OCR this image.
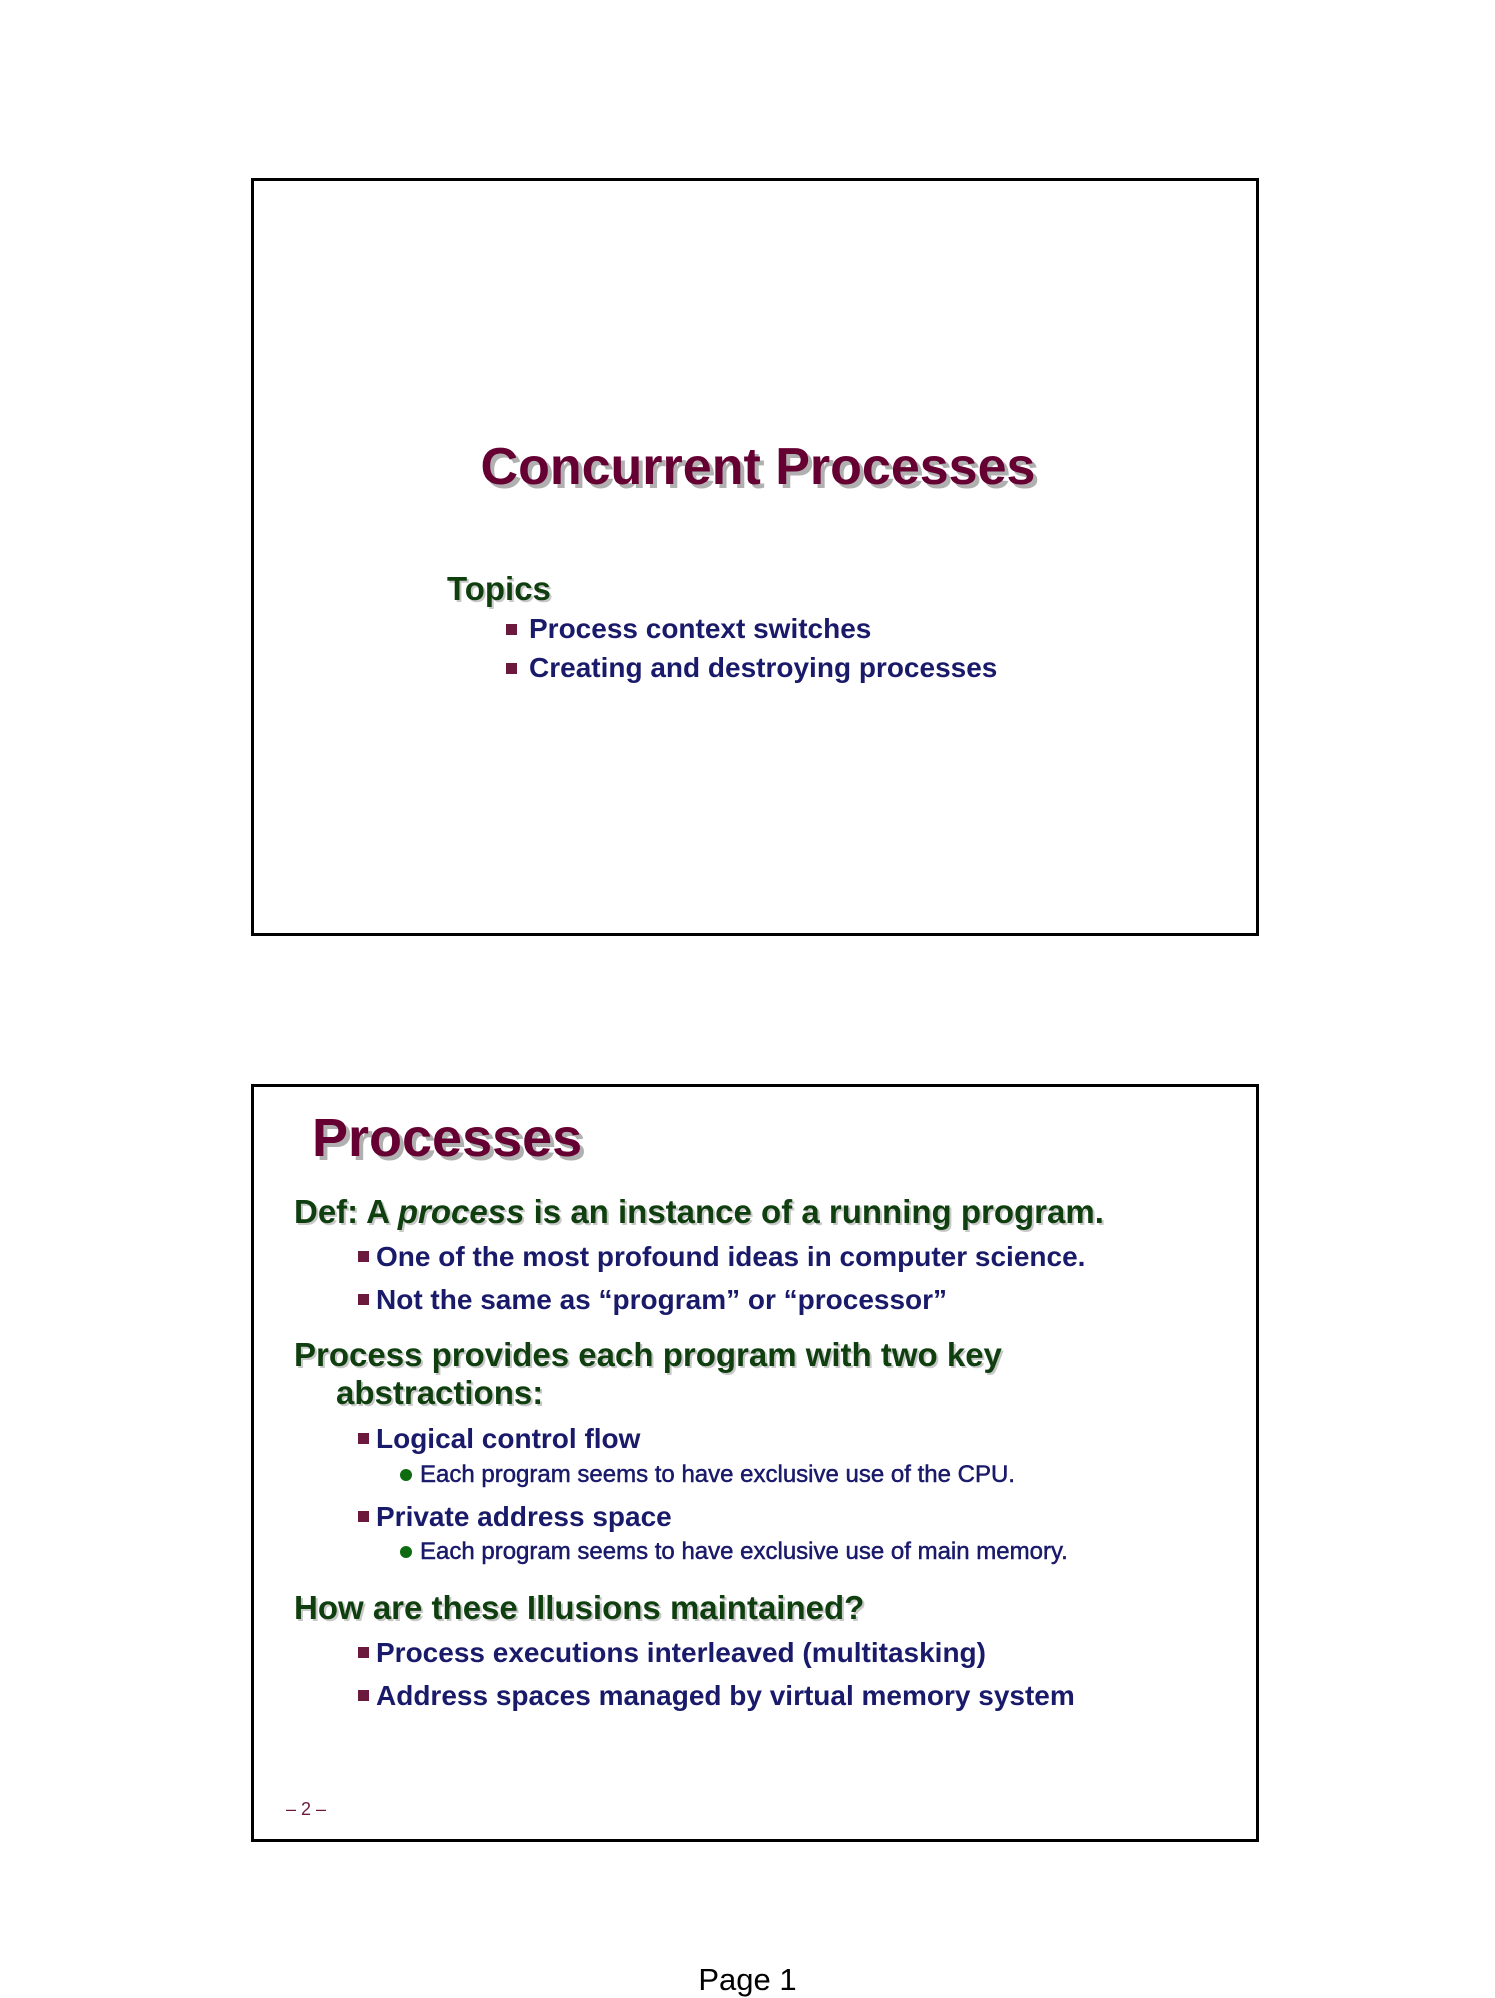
Concurrent Processes
Topics
Process context switches
Creating and destroying processes
Processes
Def: A process is an instance of a running program.
One of the most profound ideas in computer science.
Not the same as “program” or “processor”
Process provides each program with two key
abstractions:
Logical control flow
Each program seems to have exclusive use of the CPU.
Private address space
Each program seems to have exclusive use of main memory.
How are these Illusions maintained?
Process executions interleaved (multitasking)
Address spaces managed by virtual memory system
– 2 –
Page 1
